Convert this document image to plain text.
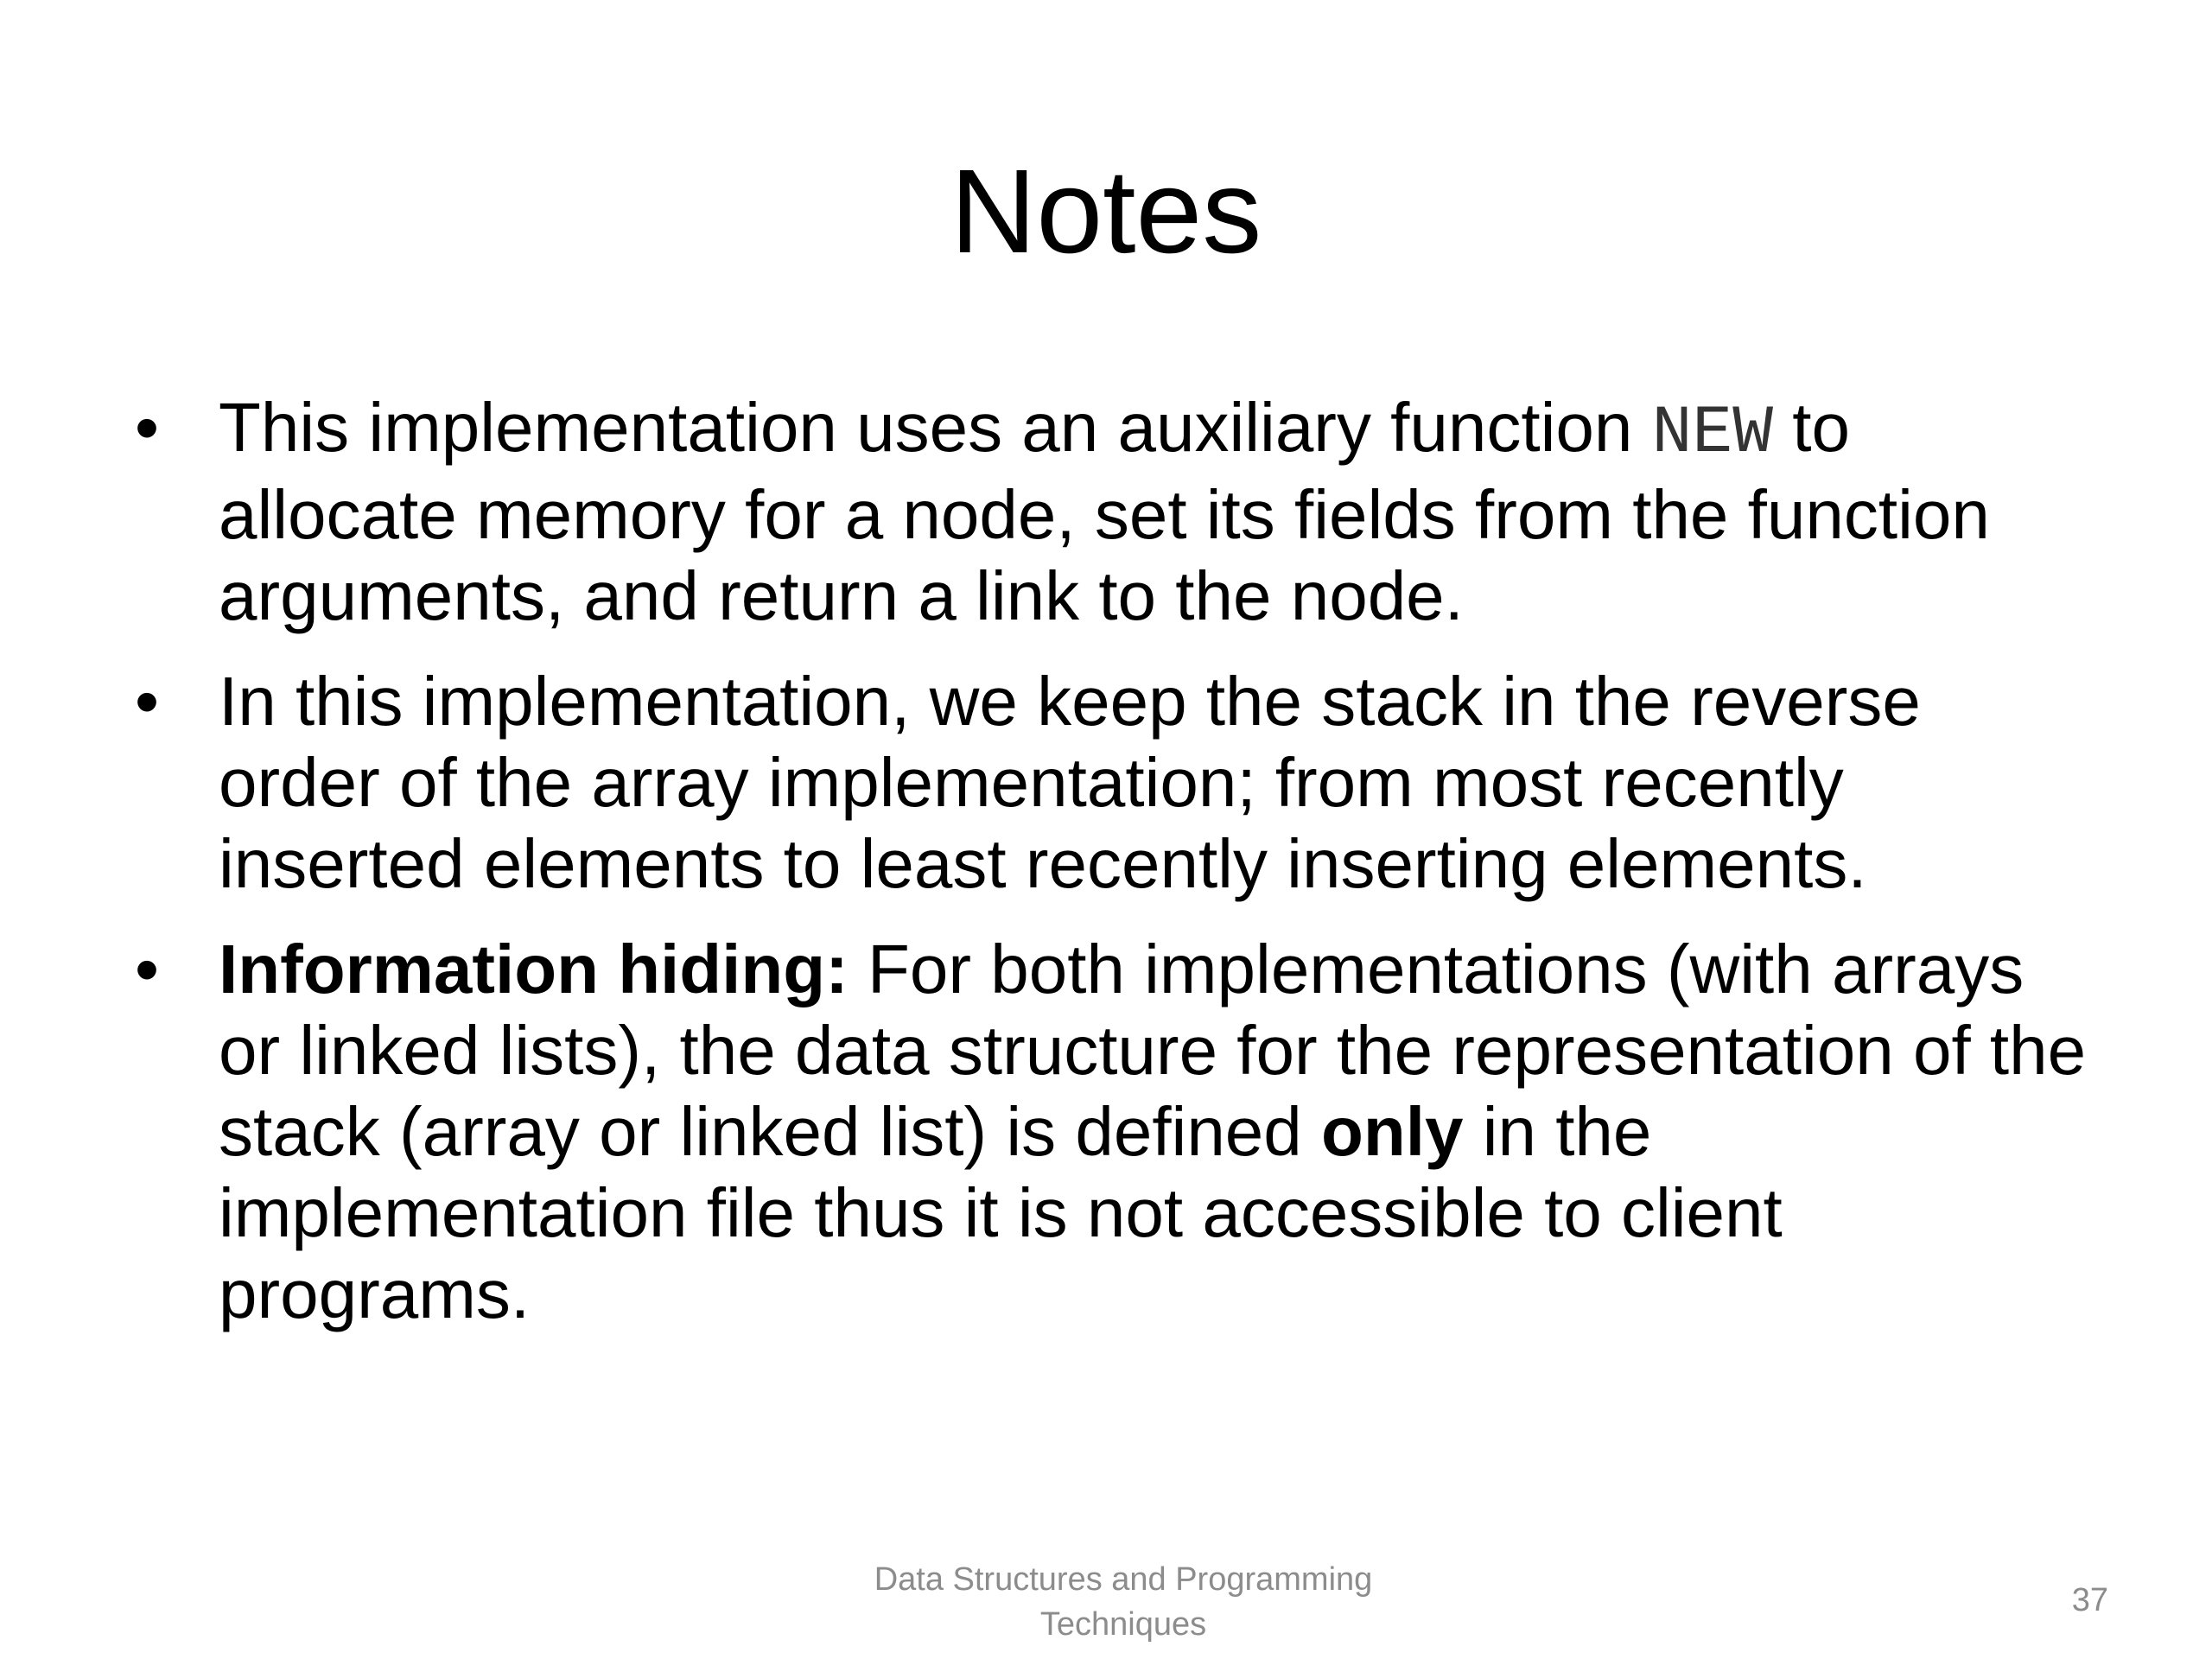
Notes
• This implementation uses an auxiliary function NEW to allocate memory for a node, set its fields from the function arguments, and return a link to the node.
• In this implementation, we keep the stack in the reverse order of the array implementation; from most recently inserted elements to least recently inserting elements.
• Information hiding: For both implementations (with arrays or linked lists), the data structure for the representation of the stack (array or linked list) is defined only in the implementation file thus it is not accessible to client programs.
Data Structures and Programming Techniques
37
